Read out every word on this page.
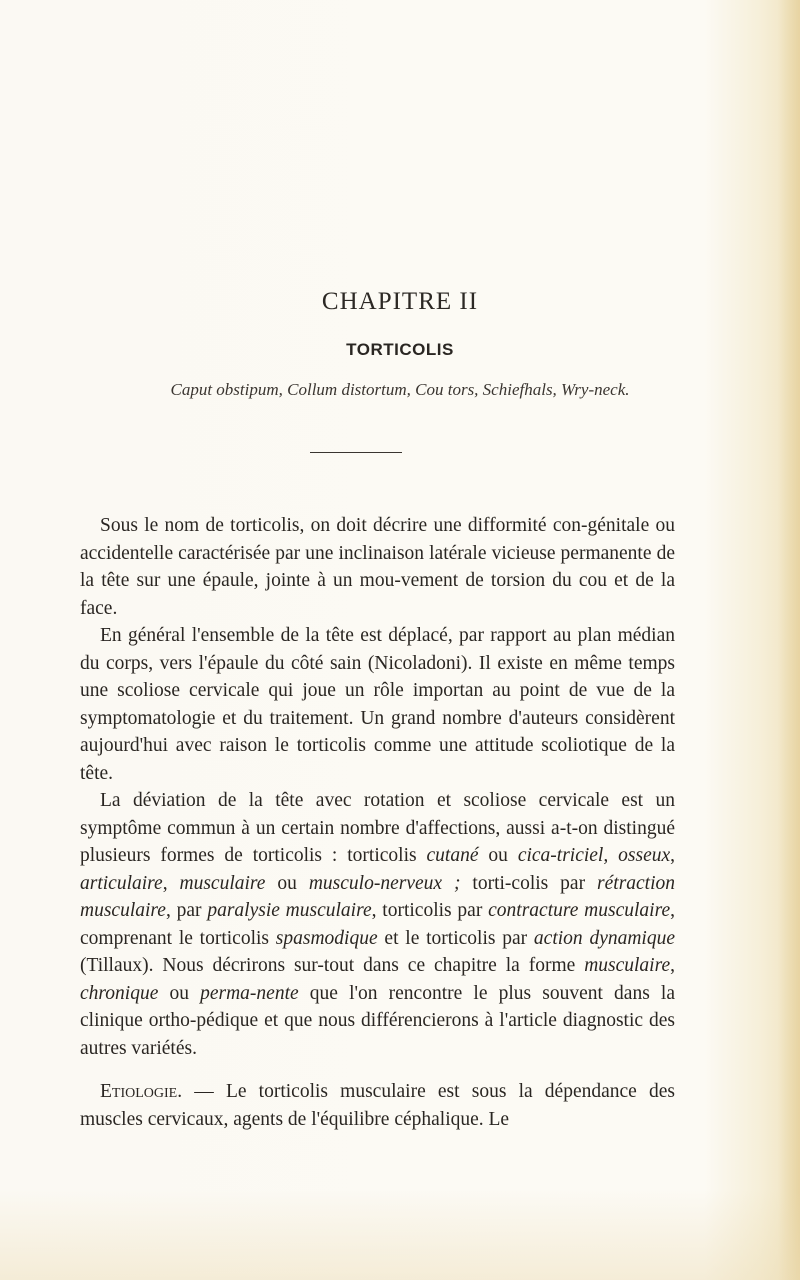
CHAPITRE II
TORTICOLIS
Caput obstipum, Collum distortum, Cou tors, Schiefhals, Wry-neck.

Sous le nom de torticolis, on doit décrire une difformité con-génitale ou accidentelle caractérisée par une inclinaison latérale vicieuse permanente de la tête sur une épaule, jointe à un mou-vement de torsion du cou et de la face.

En général l'ensemble de la tête est déplacé, par rapport au plan médian du corps, vers l'épaule du côté sain (Nicoladoni). Il existe en même temps une scoliose cervicale qui joue un rôle importan au point de vue de la symptomatologie et du traitement. Un grand nombre d'auteurs considèrent aujourd'hui avec raison le torticolis comme une attitude scoliotique de la tête.

La déviation de la tête avec rotation et scoliose cervicale est un symptôme commun à un certain nombre d'affections, aussi a-t-on distingué plusieurs formes de torticolis : torticolis cutané ou cica-triciel, osseux, articulaire, musculaire ou musculo-nerveux ; torti-colis par rétraction musculaire, par paralysie musculaire, torticolis par contracture musculaire, comprenant le torticolis spasmodique et le torticolis par action dynamique (Tillaux). Nous décrirons sur-tout dans ce chapitre la forme musculaire, chronique ou perma-nente que l'on rencontre le plus souvent dans la clinique ortho-pédique et que nous différencierons à l'article diagnostic des autres variétés.

Etiologie. — Le torticolis musculaire est sous la dépendance des muscles cervicaux, agents de l'équilibre céphalique. Le
